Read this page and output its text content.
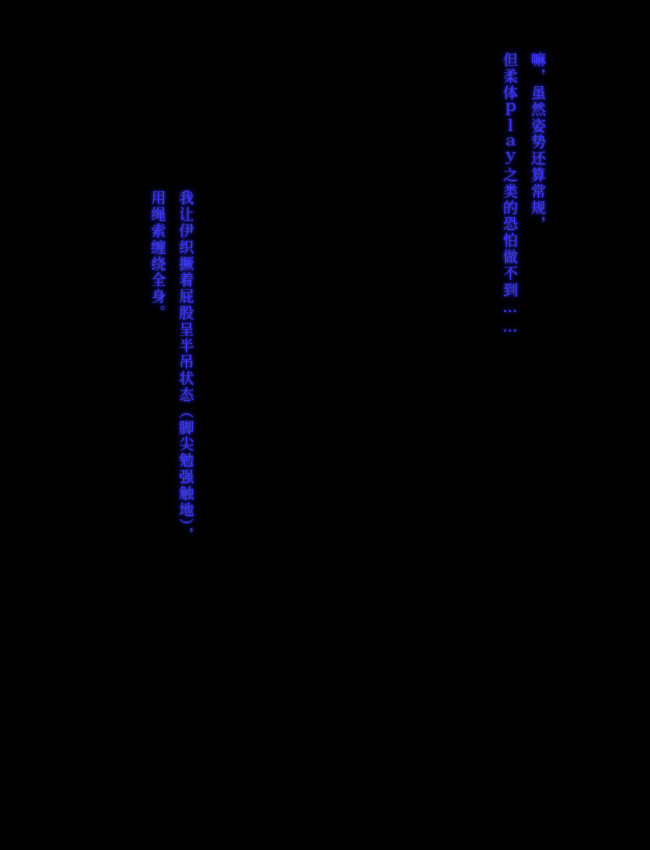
嘛，虽然姿势还算常规，
但柔体ｐｌａｙ之类的恐怕做不到……
我让伊织撅着屁股呈半吊状态（脚尖勉强触地），
用绳索缠绕全身。
